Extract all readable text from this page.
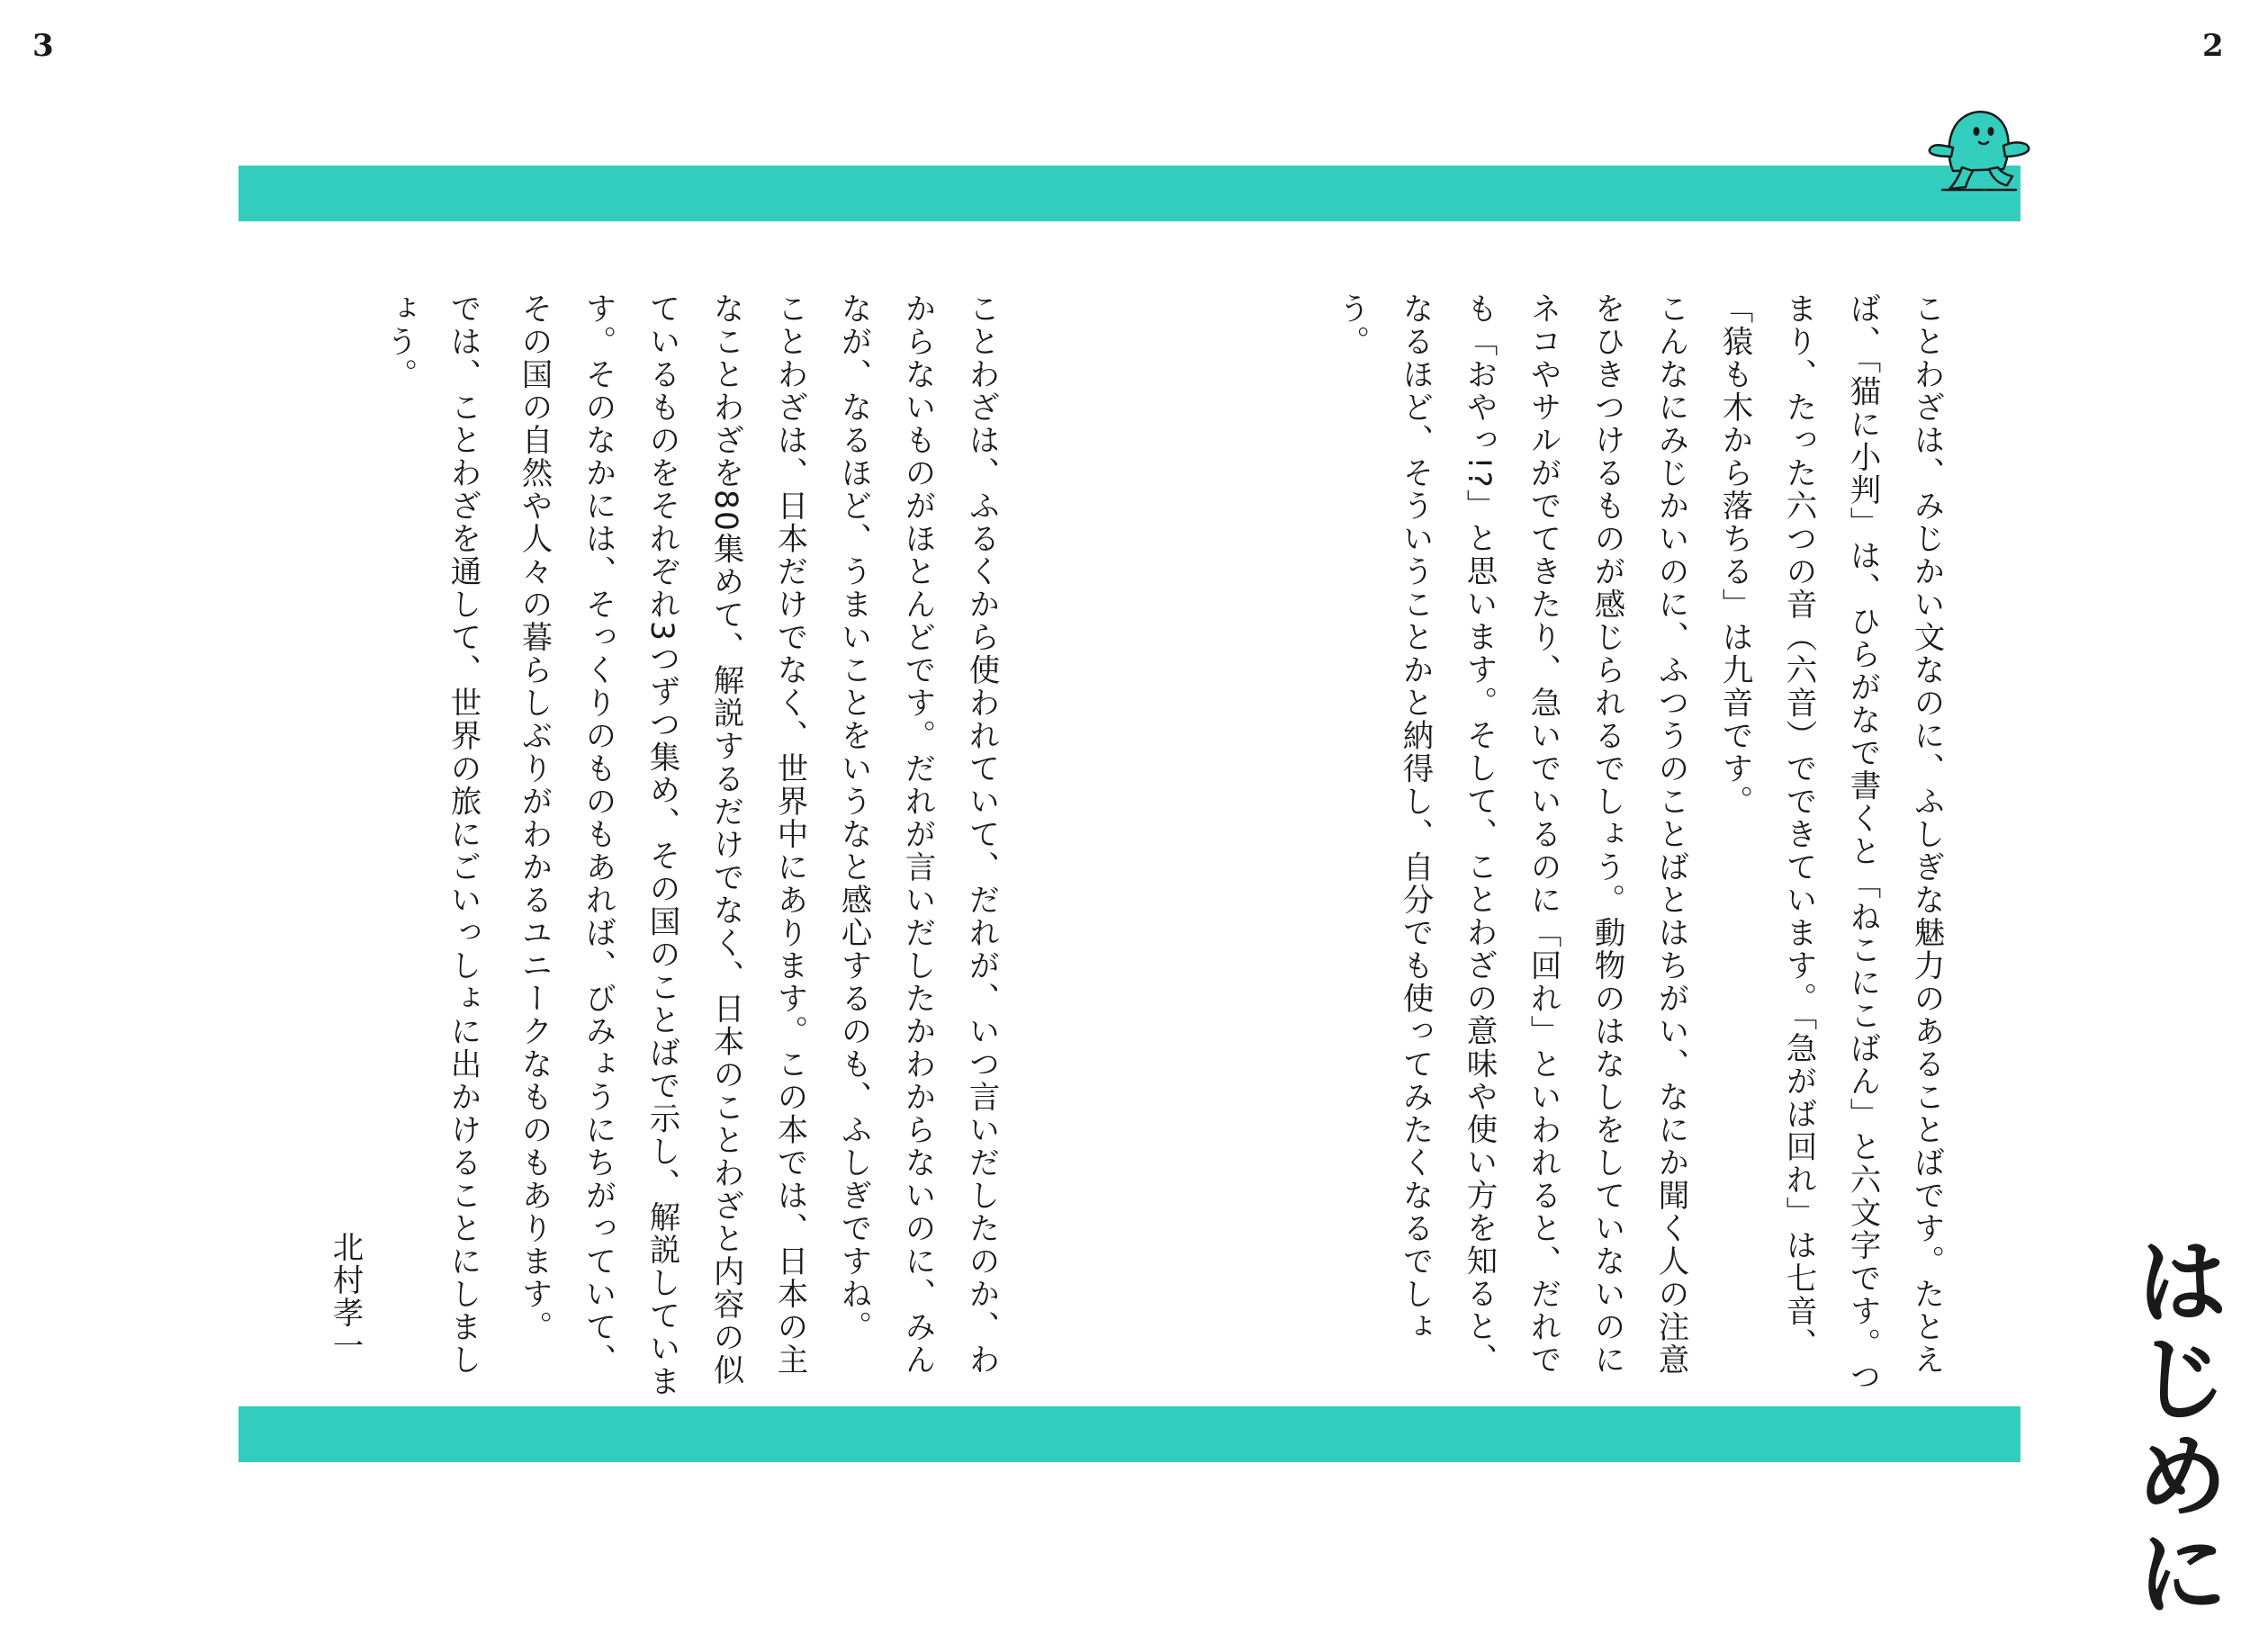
3	2
はじめに

ことわざは、みじかい文なのに、ふしぎな魅力のあることばです。たとえば、「猫に小判」は、ひらがなで書くと「ねこにこばん」と六文字です。つまり、たった六つの音（六音）でできています。「急がば回れ」は七音、「猿も木から落ちる」は九音です。

こんなにみじかいのに、ふつうのことばとはちがい、なにか聞く人の注意をひきつけるものが感じられるでしょう。動物のはなしをしていないのにネコやサルがでてきたり、急いでいるのに「回れ」といわれると、だれでも「おやっ!?」と思います。そして、ことわざの意味や使い方を知ると、なるほど、そういうことかと納得し、自分でも使ってみたくなるでしょう。

ことわざは、ふるくから使われていて、だれが、いつ言いだしたのか、わからないものがほとんどです。だれが言いだしたかわからないのに、みんなが、なるほど、うまいことをいうなと感心するのも、ふしぎですね。

ことわざは、日本だけでなく、世界中にあります。この本では、日本の主なことわざを80集めて、解説するだけでなく、日本のことわざと内容の似ているものをそれぞれ3つずつ集め、その国のことばで示し、解説しています。そのなかには、そっくりのものもあれば、びみょうにちがっていて、その国の自然や人々の暮らしぶりがわかるユニークなものもあります。

では、ことわざを通して、世界の旅にごいっしょに出かけることにしましょう。

北村孝一
